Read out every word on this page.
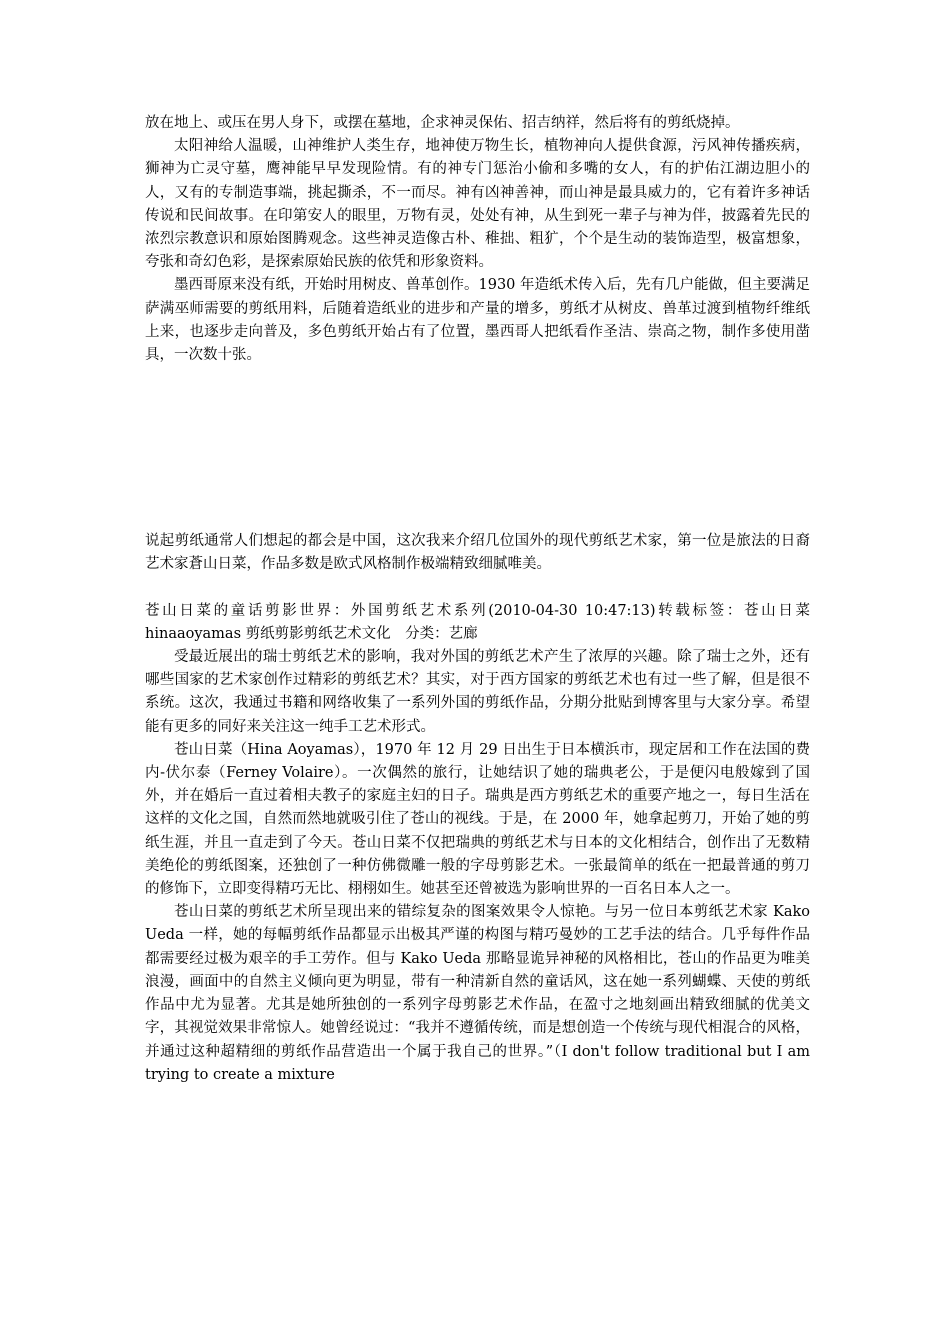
放在地上、或压在男人身下，或摆在墓地，企求神灵保佑、招吉纳祥，然后将有的剪纸烧掉。

太阳神给人温暖，山神维护人类生存，地神使万物生长，植物神向人提供食源，污风神传播疾病，狮神为亡灵守墓，鹰神能早早发现险情。有的神专门惩治小偷和多嘴的女人，有的护佑江湖边胆小的人，又有的专制造事端，挑起撕杀，不一而尽。神有凶神善神，而山神是最具威力的，它有着许多神话传说和民间故事。在印第安人的眼里，万物有灵，处处有神，从生到死一辈子与神为伴，披露着先民的浓烈宗教意识和原始图腾观念。这些神灵造像古朴、稚拙、粗犷，个个是生动的装饰造型，极富想象，夸张和奇幻色彩，是探索原始民族的依凭和形象资料。

墨西哥原来没有纸，开始时用树皮、兽革创作。1930 年造纸术传入后，先有几户能做，但主要满足萨满巫师需要的剪纸用料，后随着造纸业的进步和产量的增多，剪纸才从树皮、兽革过渡到植物纤维纸上来，也逐步走向普及，多色剪纸开始占有了位置，墨西哥人把纸看作圣洁、崇高之物，制作多使用凿具，一次数十张。

说起剪纸通常人们想起的都会是中国，这次我来介绍几位国外的现代剪纸艺术家，第一位是旅法的日裔艺术家蒼山日菜，作品多数是欧式风格制作极端精致细腻唯美。

苍山日菜的童话剪影世界：外国剪纸艺术系列(2010-04-30 10:47:13)转载标签：苍山日菜 hinaaoyamas 剪纸剪影剪纸艺术文化　分类：艺廊

受最近展出的瑞士剪纸艺术的影响，我对外国的剪纸艺术产生了浓厚的兴趣。除了瑞士之外，还有哪些国家的艺术家创作过精彩的剪纸艺术？其实，对于西方国家的剪纸艺术也有过一些了解，但是很不系统。这次，我通过书籍和网络收集了一系列外国的剪纸作品，分期分批贴到博客里与大家分享。希望能有更多的同好来关注这一纯手工艺术形式。

苍山日菜（Hina Aoyamas），1970 年 12 月 29 日出生于日本横浜市，现定居和工作在法国的费内-伏尔泰（Ferney Volaire）。一次偶然的旅行，让她结识了她的瑞典老公，于是便闪电般嫁到了国外，并在婚后一直过着相夫教子的家庭主妇的日子。瑞典是西方剪纸艺术的重要产地之一，每日生活在这样的文化之国，自然而然地就吸引住了苍山的视线。于是，在 2000 年，她拿起剪刀，开始了她的剪纸生涯，并且一直走到了今天。苍山日菜不仅把瑞典的剪纸艺术与日本的文化相结合，创作出了无数精美绝伦的剪纸图案，还独创了一种仿佛微雕一般的字母剪影艺术。一张最简单的纸在一把最普通的剪刀的修饰下，立即变得精巧无比、栩栩如生。她甚至还曾被选为影响世界的一百名日本人之一。

苍山日菜的剪纸艺术所呈现出来的错综复杂的图案效果令人惊艳。与另一位日本剪纸艺术家 Kako Ueda 一样，她的每幅剪纸作品都显示出极其严谨的构图与精巧曼妙的工艺手法的结合。几乎每件作品都需要经过极为艰辛的手工劳作。但与 Kako Ueda 那略显诡异神秘的风格相比，苍山的作品更为唯美浪漫，画面中的自然主义倾向更为明显，带有一种清新自然的童话风，这在她一系列蝴蝶、天使的剪纸作品中尤为显著。尤其是她所独创的一系列字母剪影艺术作品，在盈寸之地刻画出精致细腻的优美文字，其视觉效果非常惊人。她曾经说过：“我并不遵循传统，而是想创造一个传统与现代相混合的风格，并通过这种超精细的剪纸作品营造出一个属于我自己的世界。”（I don't follow traditional but I am trying to create a mixture
